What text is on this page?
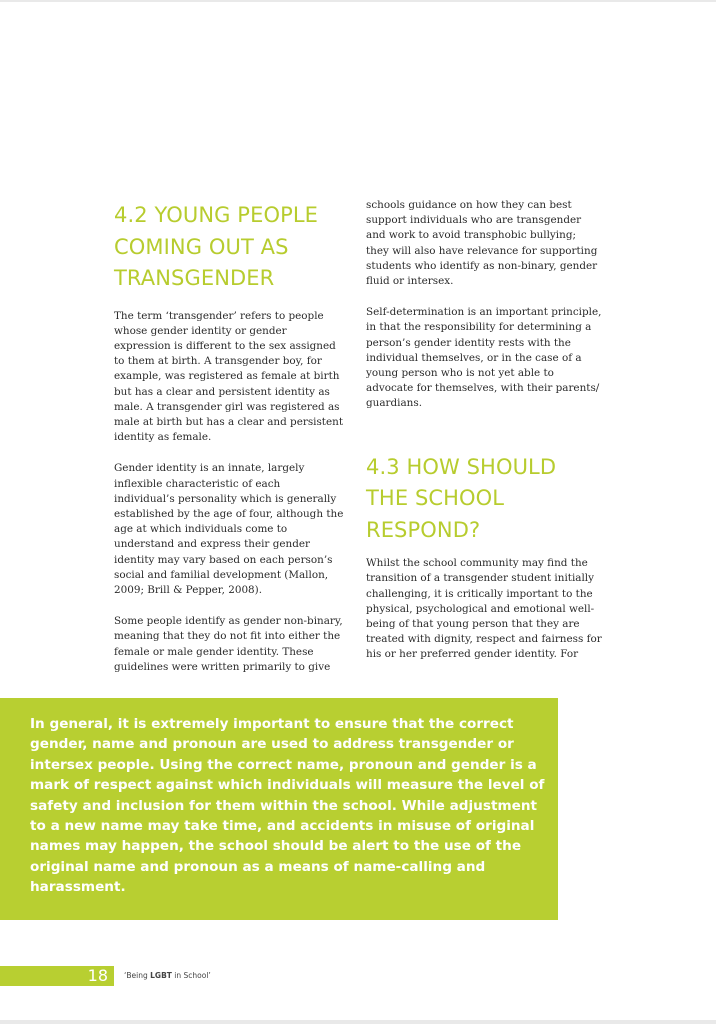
4.2 YOUNG PEOPLE COMING OUT AS TRANSGENDER

The term ‘transgender’ refers to people whose gender identity or gender expression is different to the sex assigned to them at birth. A transgender boy, for example, was registered as female at birth but has a clear and persistent identity as male. A transgender girl was registered as male at birth but has a clear and persistent identity as female.

Gender identity is an innate, largely inflexible characteristic of each individual’s personality which is generally established by the age of four, although the age at which individuals come to understand and express their gender identity may vary based on each person’s social and familial development (Mallon, 2009; Brill & Pepper, 2008).

Some people identify as gender non-binary, meaning that they do not fit into either the female or male gender identity. These guidelines were written primarily to give

schools guidance on how they can best support individuals who are transgender and work to avoid transphobic bullying; they will also have relevance for supporting students who identify as non-binary, gender fluid or intersex.

Self-determination is an important principle, in that the responsibility for determining a person’s gender identity rests with the individual themselves, or in the case of a young person who is not yet able to advocate for themselves, with their parents/ guardians.

4.3 HOW SHOULD THE SCHOOL RESPOND?

Whilst the school community may find the transition of a transgender student initially challenging, it is critically important to the physical, psychological and emotional well-being of that young person that they are treated with dignity, respect and fairness for his or her preferred gender identity. For

In general, it is extremely important to ensure that the correct gender, name and pronoun are used to address transgender or intersex people. Using the correct name, pronoun and gender is a mark of respect against which individuals will measure the level of safety and inclusion for them within the school. While adjustment to a new name may take time, and accidents in misuse of original names may happen, the school should be alert to the use of the original name and pronoun as a means of name-calling and harassment.

18 ‘Being LGBT in School’
